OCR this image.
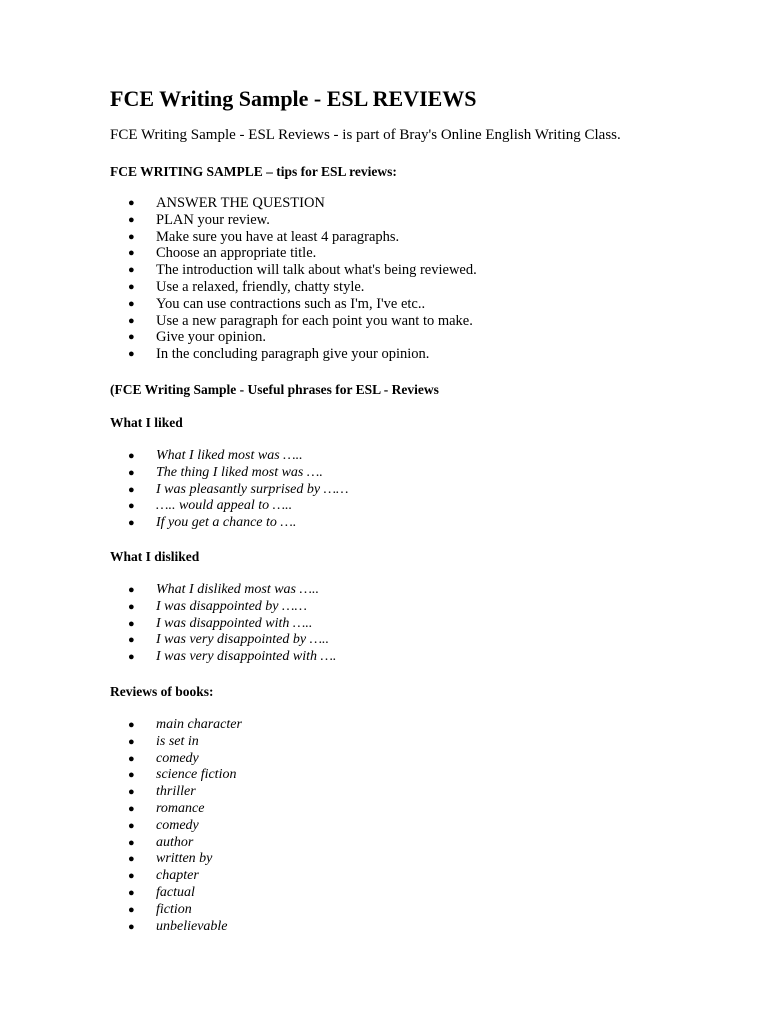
FCE Writing Sample - ESL REVIEWS

FCE Writing Sample - ESL Reviews - is part of Bray's Online English Writing Class.

FCE WRITING SAMPLE – tips for ESL reviews:

● ANSWER THE QUESTION
● PLAN your review.
● Make sure you have at least 4 paragraphs.
● Choose an appropriate title.
● The introduction will talk about what's being reviewed.
● Use a relaxed, friendly, chatty style.
● You can use contractions such as I'm, I've etc..
● Use a new paragraph for each point you want to make.
● Give your opinion.
● In the concluding paragraph give your opinion.

(FCE Writing Sample - Useful phrases for ESL - Reviews

What I liked

● What I liked most was …..
● The thing I liked most was ….
● I was pleasantly surprised by ……
● ….. would appeal to …..
● If you get a chance to ….

What I disliked

● What I disliked most was …..
● I was disappointed by ……
● I was disappointed with …..
● I was very disappointed by …..
● I was very disappointed with ….

Reviews of books:

● main character
● is set in
● comedy
● science fiction
● thriller
● romance
● comedy
● author
● written by
● chapter
● factual
● fiction
● unbelievable
